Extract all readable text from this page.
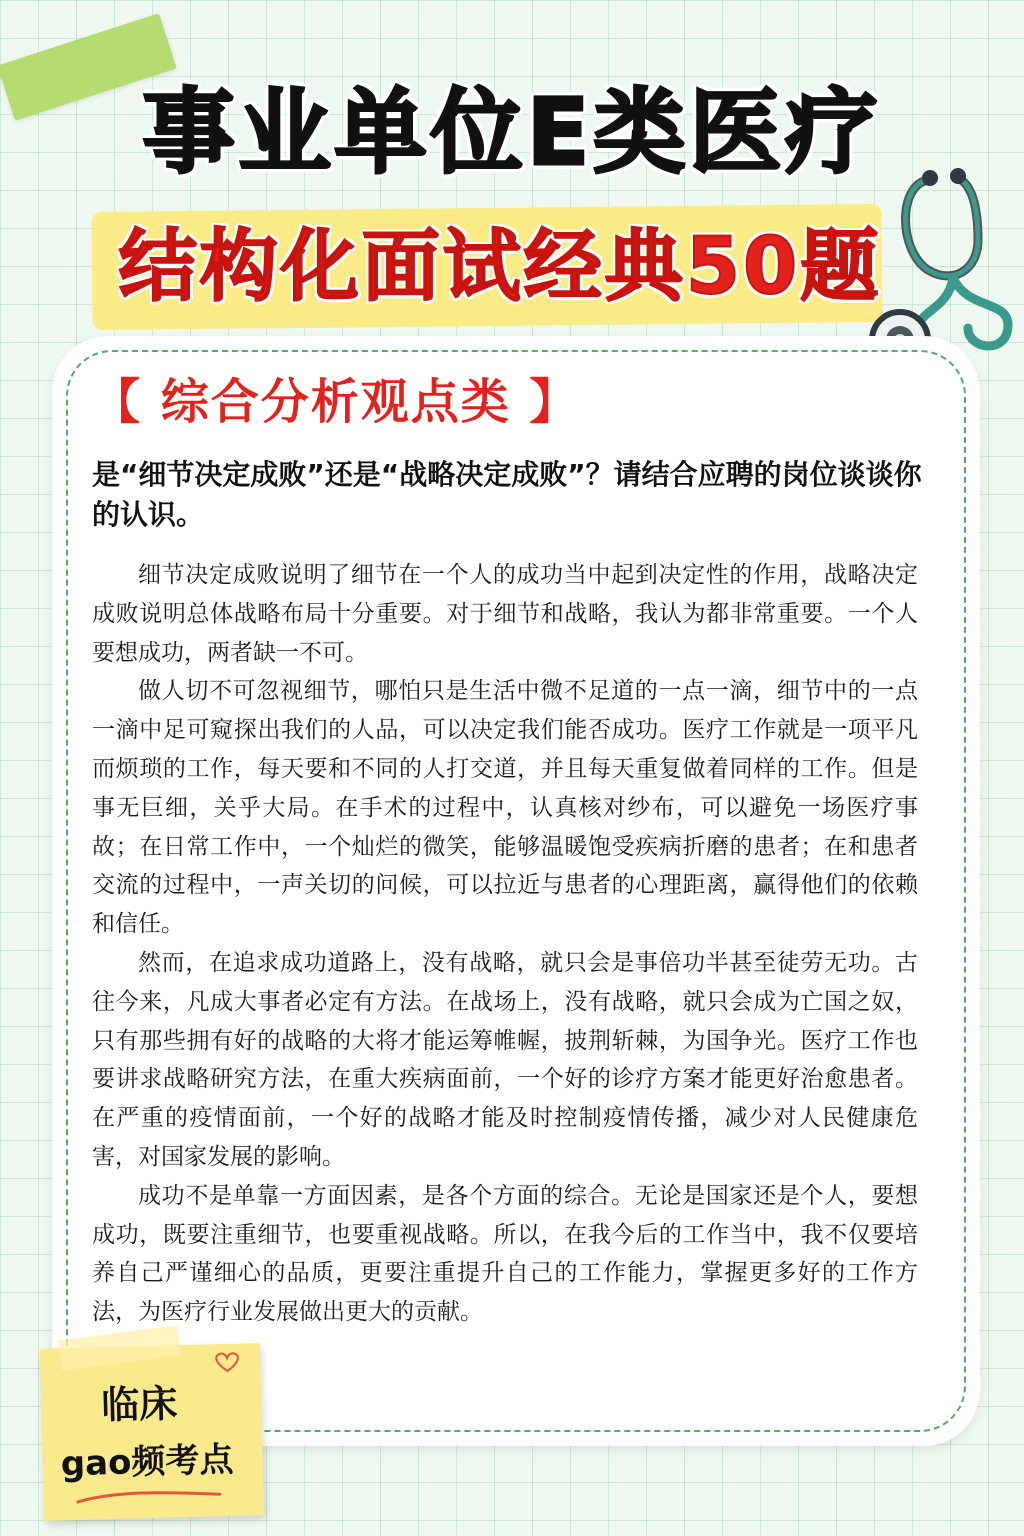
事业单位E类医疗
结构化面试经典50题
【 综合分析观点类 】
是“细节决定成败”还是“战略决定成败”？请结合应聘的岗位谈谈你的认识。

细节决定成败说明了细节在一个人的成功当中起到决定性的作用，战略决定成败说明总体战略布局十分重要。对于细节和战略，我认为都非常重要。一个人要想成功，两者缺一不可。

做人切不可忽视细节，哪怕只是生活中微不足道的一点一滴，细节中的一点一滴中足可窥探出我们的人品，可以决定我们能否成功。医疗工作就是一项平凡而烦琐的工作，每天要和不同的人打交道，并且每天重复做着同样的工作。但是事无巨细，关乎大局。在手术的过程中，认真核对纱布，可以避免一场医疗事故；在日常工作中，一个灿烂的微笑，能够温暖饱受疾病折磨的患者；在和患者交流的过程中，一声关切的问候，可以拉近与患者的心理距离，赢得他们的依赖和信任。

然而，在追求成功道路上，没有战略，就只会是事倍功半甚至徒劳无功。古往今来，凡成大事者必定有方法。在战场上，没有战略，就只会成为亡国之奴，只有那些拥有好的战略的大将才能运筹帷幄，披荆斩棘，为国争光。医疗工作也要讲求战略研究方法，在重大疾病面前，一个好的诊疗方案才能更好治愈患者。在严重的疫情面前，一个好的战略才能及时控制疫情传播，减少对人民健康危害，对国家发展的影响。

成功不是单靠一方面因素，是各个方面的综合。无论是国家还是个人，要想成功，既要注重细节，也要重视战略。所以，在我今后的工作当中，我不仅要培养自己严谨细心的品质，更要注重提升自己的工作能力，掌握更多好的工作方法，为医疗行业发展做出更大的贡献。

临床
gao频考点
